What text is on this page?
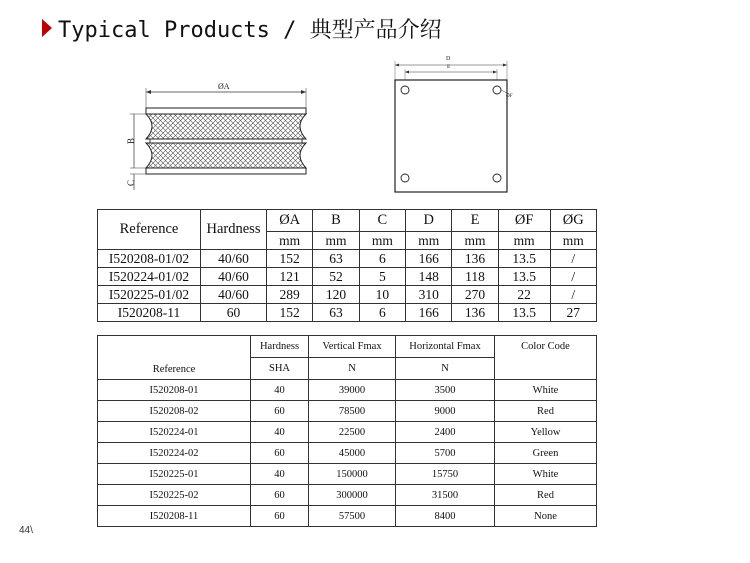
Typical Products / 典型产品介绍
ØA
B
C
D
E
ØF
Reference	Hardness	ØA	B	C	D	E	ØF	ØG
		mm	mm	mm	mm	mm	mm	mm
I520208-01/02	40/60	152	63	6	166	136	13.5	/
I520224-01/02	40/60	121	52	5	148	118	13.5	/
I520225-01/02	40/60	289	120	10	310	270	22	/
I520208-11	60	152	63	6	166	136	13.5	27
Reference	Hardness	Vertical Fmax	Horizontal Fmax	Color Code
	SHA	N	N	
I520208-01	40	39000	3500	White
I520208-02	60	78500	9000	Red
I520224-01	40	22500	2400	Yellow
I520224-02	60	45000	5700	Green
I520225-01	40	150000	15750	White
I520225-02	60	300000	31500	Red
I520208-11	60	57500	8400	None
44\
